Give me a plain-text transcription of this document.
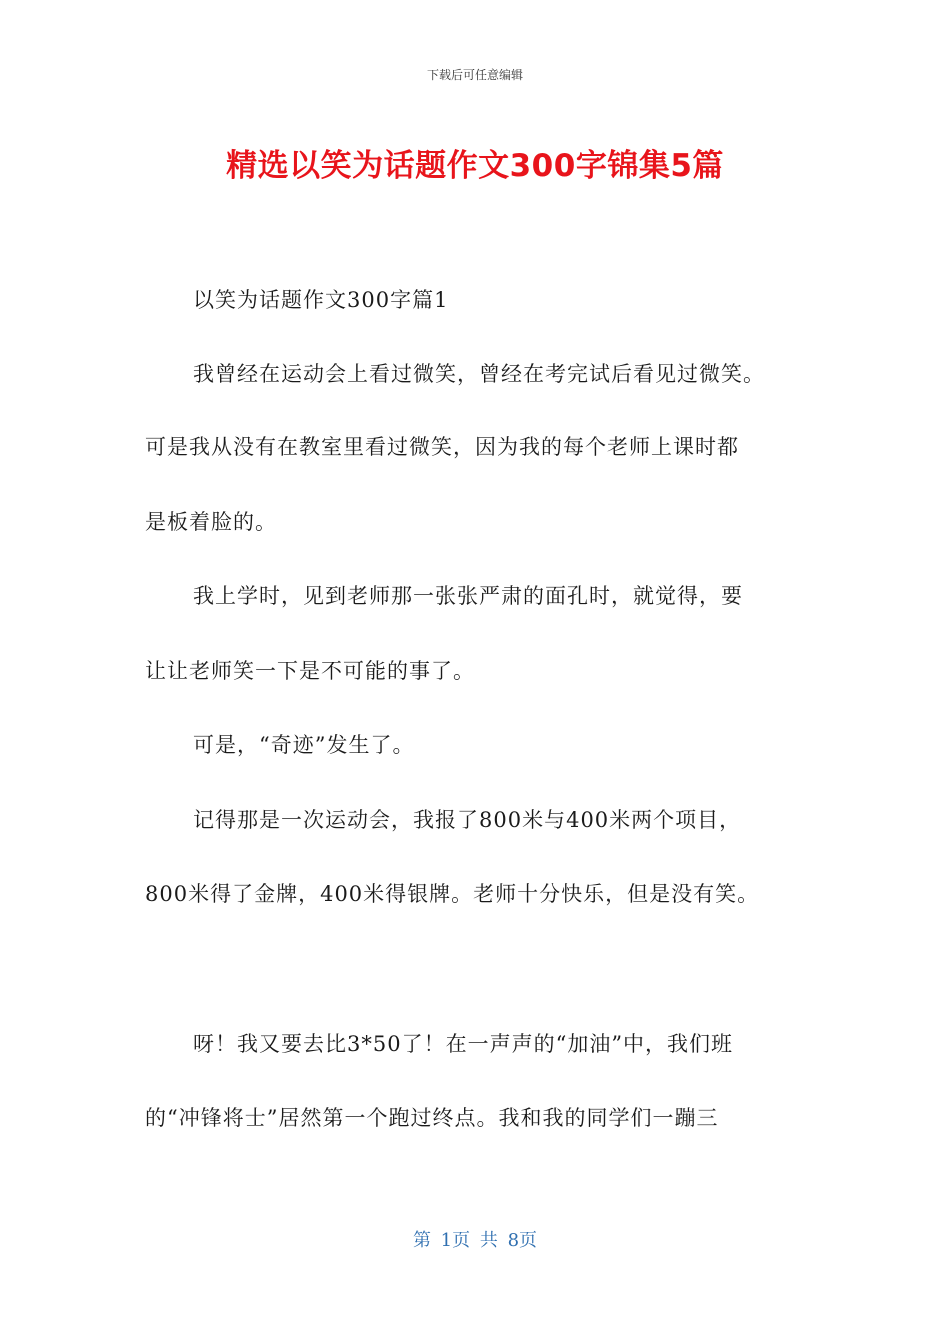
下载后可任意编辑
精选以笑为话题作文300字锦集5篇
以笑为话题作文300字篇1
我曾经在运动会上看过微笑，曾经在考完试后看见过微笑。
可是我从没有在教室里看过微笑，因为我的每个老师上课时都
是板着脸的。
我上学时，见到老师那一张张严肃的面孔时，就觉得，要
让让老师笑一下是不可能的事了。
可是，“奇迹”发生了。
记得那是一次运动会，我报了800米与400米两个项目，
800米得了金牌，400米得银牌。老师十分快乐，但是没有笑。
呀！我又要去比3*50了！在一声声的“加油”中，我们班
的“冲锋将士”居然第一个跑过终点。我和我的同学们一蹦三
第 1页 共 8页
